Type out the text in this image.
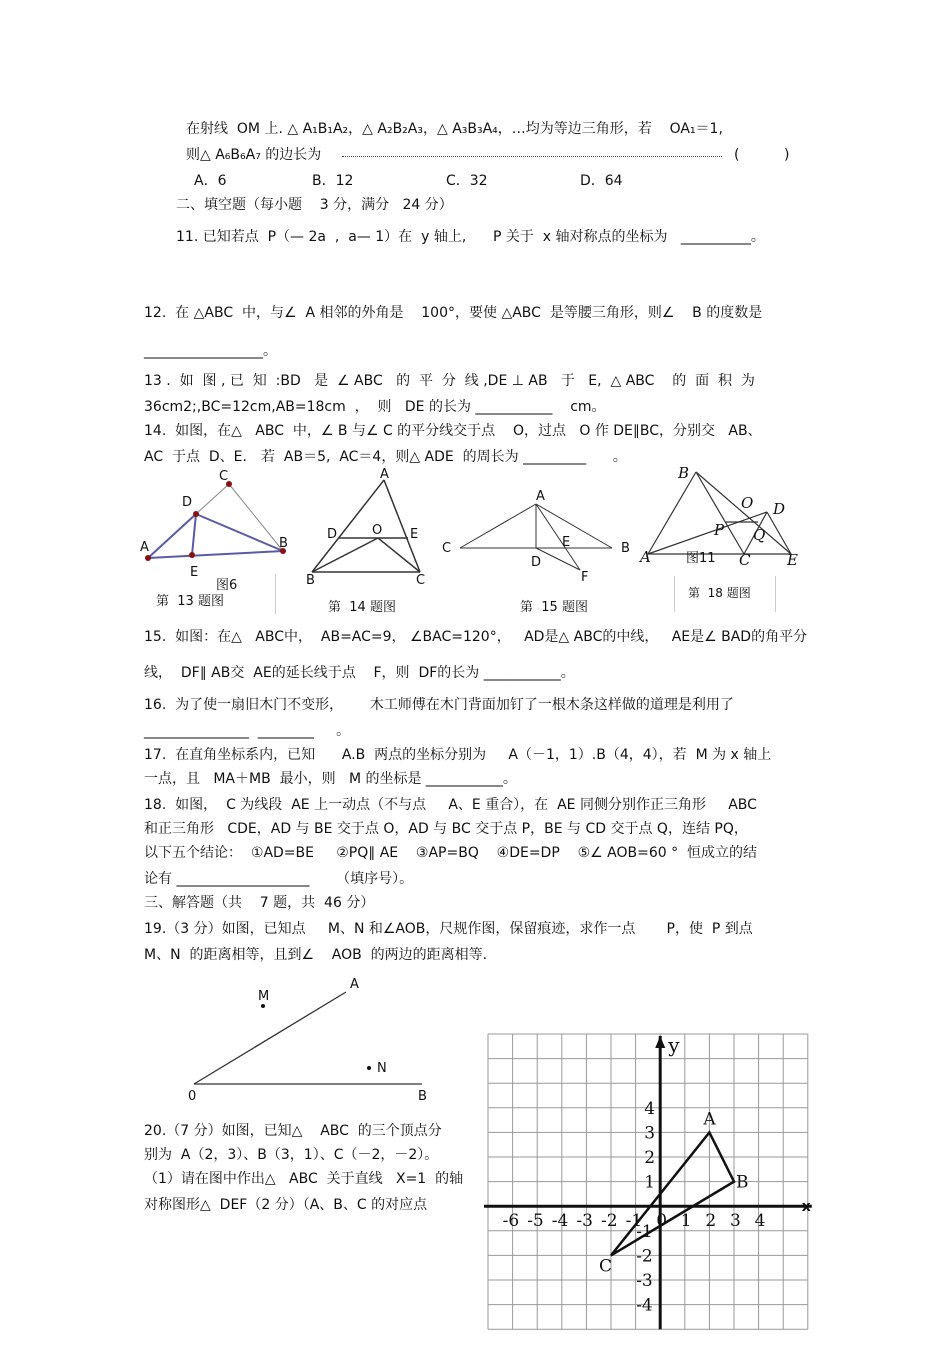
在射线  OM 上. △ A₁B₁A₂，△ A₂B₂A₃，△ A₃B₃A₄，…均为等边三角形，若    OA₁＝1,
则△ A₆B₆A₇ 的边长为	(          )
A．6	B．12	C．32	D．64
二、填空题（每小题    3 分，满分   24 分）
11. 已知若点  P（— 2a  ,  a— 1）在  y 轴上,      P 关于  x 轴对称点的坐标为   __________。
12.  在 △ABC  中，与∠  A 相邻的外角是    100°，要使 △ABC  是等腰三角形，则∠    B 的度数是
_________________。
13 .  如  图 , 已  知  :BD   是  ∠ ABC   的  平  分  线 ,DE ⊥ AB   于   E,  △ ABC    的  面  积  为
36cm2;,BC=12cm,AB=18cm  ，  则   DE 的长为 ___________    cm。
14.  如图，在△   ABC  中，∠ B 与∠ C 的平分线交于点    O，过点   O 作 DE∥BC，分别交   AB、
AC  于点  D、E． 若  AB＝5,  AC＝4，则△ ADE  的周长为 _________      。
A	B
C
D
E
图6
第  13 题图
A
B	C
D	E
O
第  14 题图
A
B
C
D
E
F
第  15 题图
A
B
C
D
E
O
P Q
图11
第  18 题图
15.  如图：在△   ABC中，  AB=AC=9， ∠BAC=120°，   AD是△ ABC的中线，   AE是∠ BAD的角平分
线，  DF∥ AB交  AE的延长线于点    F，则  DF的长为 ___________。
16.  为了使一扇旧木门不变形，      木工师傅在木门背面加钉了一根木条这样做的道理是利用了
_______________  ________     。
17.  在直角坐标系内，已知      A.B  两点的坐标分别为     A（－1，1）.B（4，4），若  M 为 x 轴上
一点，且   MA＋MB  最小，则   M 的坐标是 ___________。
18.  如图，  C 为线段  AE 上一动点（不与点     A、E 重合），在  AE 同侧分别作正三角形     ABC
和正三角形   CDE，AD 与 BE 交于点 O，AD 与 BC 交于点 P，BE 与 CD 交于点 Q，连结 PQ，
以下五个结论：  ①AD=BE     ②PQ∥ AE    ③AP=BQ    ④DE=DP    ⑤∠ AOB=60 °  恒成立的结
论有 ___________________      （填序号）。
三、解答题（共    7 题，共  46 分）
19.（3 分）如图，已知点     M、N 和∠AOB，尺规作图，保留痕迹，求作一点       P，使  P 到点
M、N  的距离相等，且到∠    AOB  的两边的距离相等.
A
B
0
M
N
20.（7 分）如图，已知△    ABC  的三个顶点分
别为  A（2，3）、B（3，1）、C（－2，－2）。
（1）请在图中作出△   ABC  关于直线   X=1  的轴
对称图形△  DEF（2 分）（A、B、C 的对应点
y
x
-6 -5 -4 -3 -2 -1 0 1 2 3 4
4
3
2
1
-1
-2
-3
-4
A
B
C
